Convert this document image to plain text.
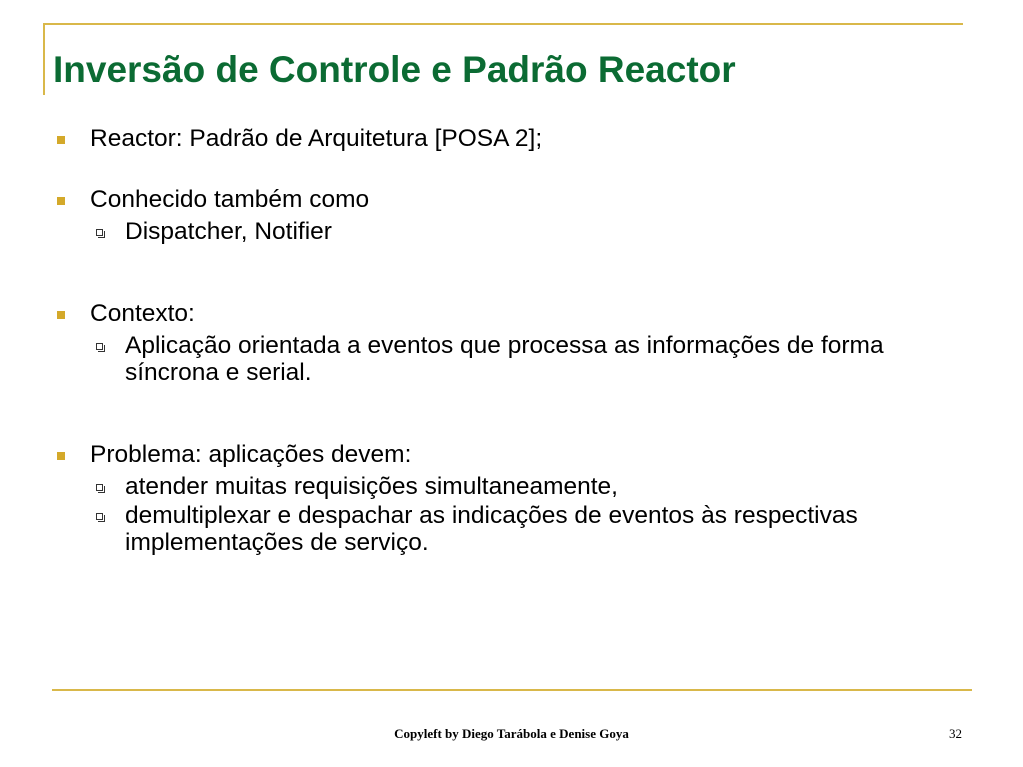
Inversão de Controle e Padrão Reactor
Reactor: Padrão de Arquitetura [POSA 2];
Conhecido também como
Dispatcher, Notifier
Contexto:
Aplicação orientada a eventos que processa as informações de forma síncrona e serial.
Problema: aplicações devem:
atender muitas requisições simultaneamente,
demultiplexar e despachar as indicações de eventos às respectivas implementações de serviço.
Copyleft by Diego Tarábola e Denise Goya	32
